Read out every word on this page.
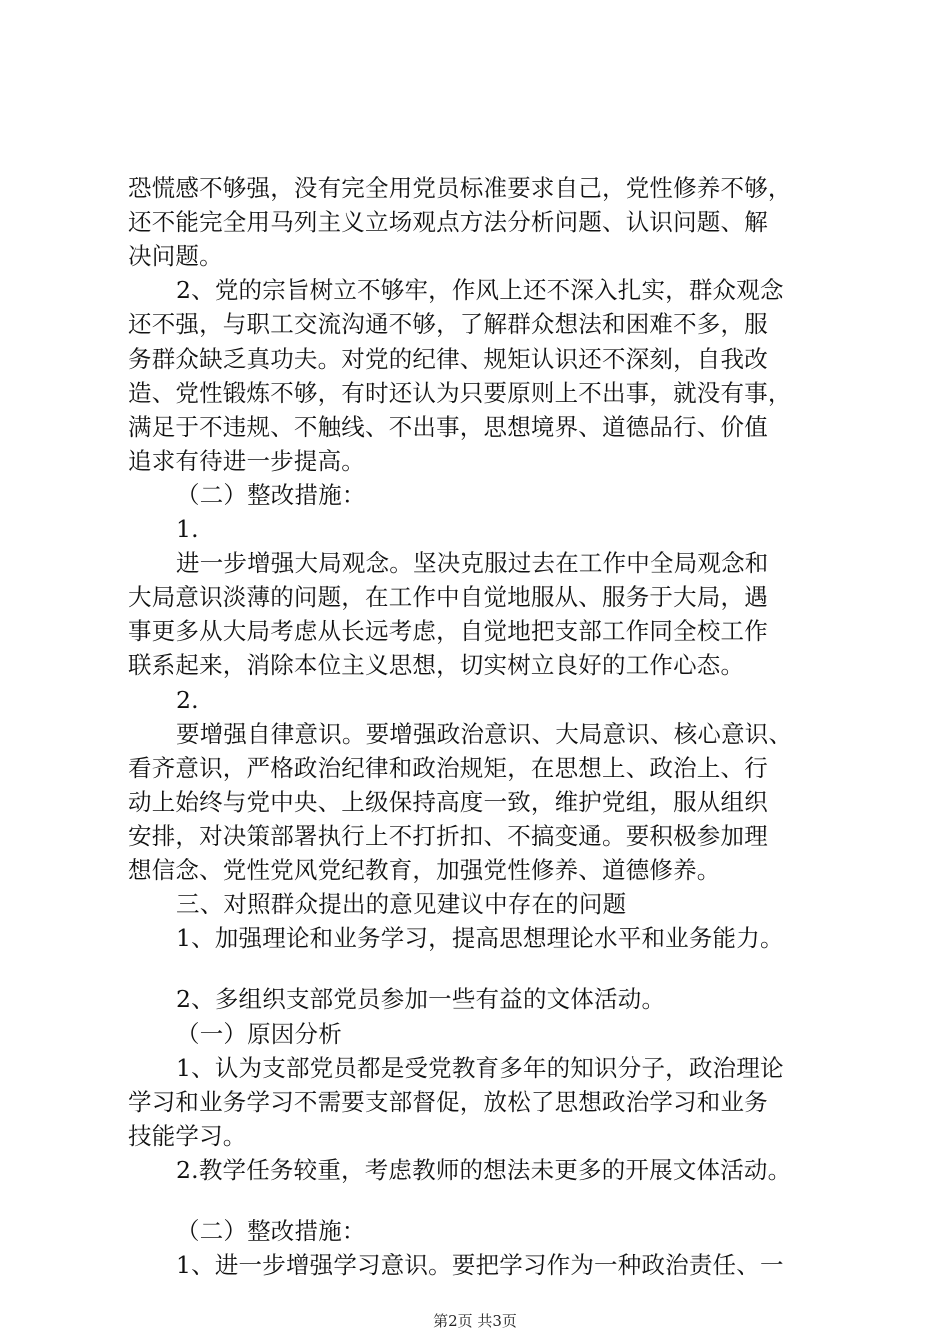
恐慌感不够强，没有完全用党员标准要求自己，党性修养不够，
还不能完全用马列主义立场观点方法分析问题、认识问题、解
决问题。
2、党的宗旨树立不够牢，作风上还不深入扎实，群众观念
还不强，与职工交流沟通不够，了解群众想法和困难不多，服
务群众缺乏真功夫。对党的纪律、规矩认识还不深刻，自我改
造、党性锻炼不够，有时还认为只要原则上不出事，就没有事，
满足于不违规、不触线、不出事，思想境界、道德品行、价值
追求有待进一步提高。
（二）整改措施：
1.
进一步增强大局观念。坚决克服过去在工作中全局观念和
大局意识淡薄的问题，在工作中自觉地服从、服务于大局，遇
事更多从大局考虑从长远考虑，自觉地把支部工作同全校工作
联系起来，消除本位主义思想，切实树立良好的工作心态。
2.
要增强自律意识。要增强政治意识、大局意识、核心意识、
看齐意识，严格政治纪律和政治规矩，在思想上、政治上、行
动上始终与党中央、上级保持高度一致，维护党组，服从组织
安排，对决策部署执行上不打折扣、不搞变通。要积极参加理
想信念、党性党风党纪教育，加强党性修养、道德修养。
三、对照群众提出的意见建议中存在的问题
1、加强理论和业务学习，提高思想理论水平和业务能力。
2、多组织支部党员参加一些有益的文体活动。
（一）原因分析
1、认为支部党员都是受党教育多年的知识分子，政治理论
学习和业务学习不需要支部督促，放松了思想政治学习和业务
技能学习。
2.教学任务较重，考虑教师的想法未更多的开展文体活动。
（二）整改措施：
1、进一步增强学习意识。要把学习作为一种政治责任、一
第2页 共3页
